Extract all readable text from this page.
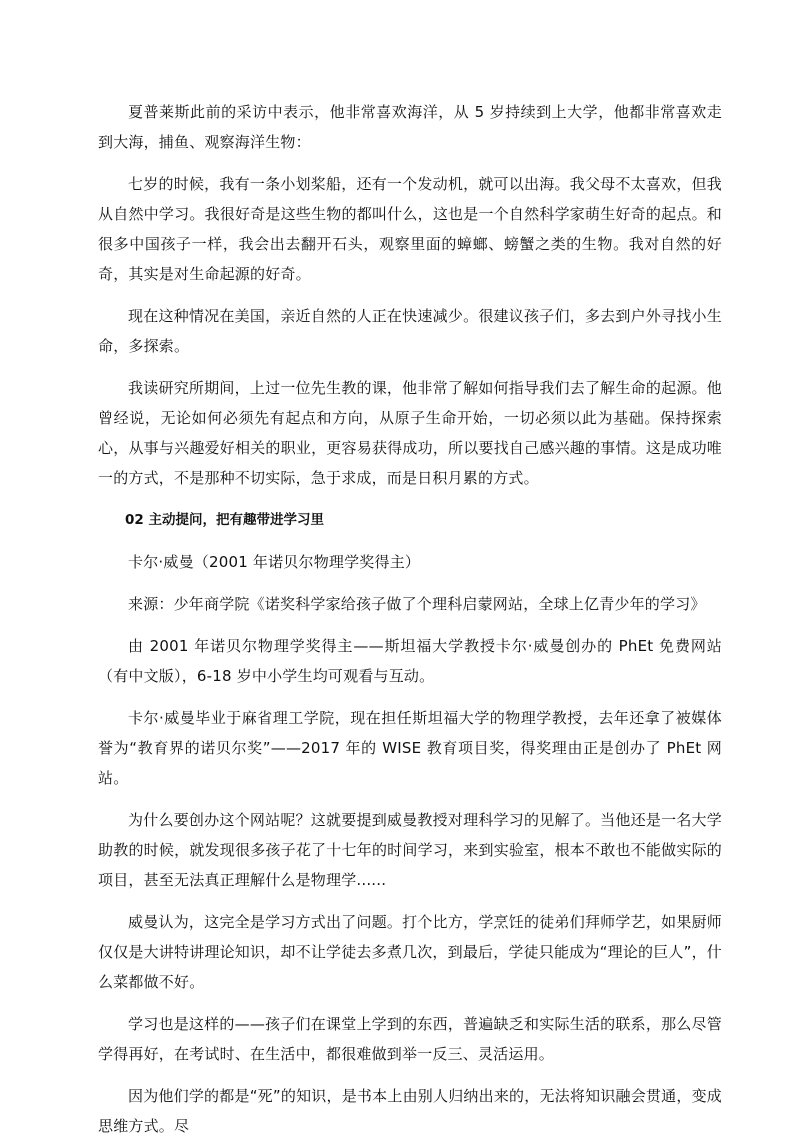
夏普莱斯此前的采访中表示，他非常喜欢海洋，从 5 岁持续到上大学，他都非常喜欢走到大海，捕鱼、观察海洋生物：

七岁的时候，我有一条小划桨船，还有一个发动机，就可以出海。我父母不太喜欢，但我从自然中学习。我很好奇是这些生物的都叫什么，这也是一个自然科学家萌生好奇的起点。和很多中国孩子一样，我会出去翻开石头，观察里面的蟑螂、螃蟹之类的生物。我对自然的好奇，其实是对生命起源的好奇。

现在这种情况在美国，亲近自然的人正在快速减少。很建议孩子们，多去到户外寻找小生命，多探索。

我读研究所期间，上过一位先生教的课，他非常了解如何指导我们去了解生命的起源。他曾经说，无论如何必须先有起点和方向，从原子生命开始，一切必须以此为基础。保持探索心，从事与兴趣爱好相关的职业，更容易获得成功，所以要找自己感兴趣的事情。这是成功唯一的方式，不是那种不切实际，急于求成，而是日积月累的方式。

02 主动提问，把有趣带进学习里

卡尔·威曼（2001 年诺贝尔物理学奖得主）

来源：少年商学院《诺奖科学家给孩子做了个理科启蒙网站，全球上亿青少年的学习》

由 2001 年诺贝尔物理学奖得主——斯坦福大学教授卡尔·威曼创办的 PhEt 免费网站（有中文版），6-18 岁中小学生均可观看与互动。

卡尔·威曼毕业于麻省理工学院，现在担任斯坦福大学的物理学教授，去年还拿了被媒体誉为“教育界的诺贝尔奖”——2017 年的 WISE 教育项目奖，得奖理由正是创办了 PhEt 网站。

为什么要创办这个网站呢？这就要提到威曼教授对理科学习的见解了。当他还是一名大学助教的时候，就发现很多孩子花了十七年的时间学习，来到实验室，根本不敢也不能做实际的项目，甚至无法真正理解什么是物理学......

威曼认为，这完全是学习方式出了问题。打个比方，学烹饪的徒弟们拜师学艺，如果厨师仅仅是大讲特讲理论知识，却不让学徒去多煮几次，到最后，学徒只能成为“理论的巨人”，什么菜都做不好。

学习也是这样的——孩子们在课堂上学到的东西，普遍缺乏和实际生活的联系，那么尽管学得再好，在考试时、在生活中，都很难做到举一反三、灵活运用。

因为他们学的都是“死”的知识，是书本上由别人归纳出来的，无法将知识融会贯通，变成思维方式。尽
